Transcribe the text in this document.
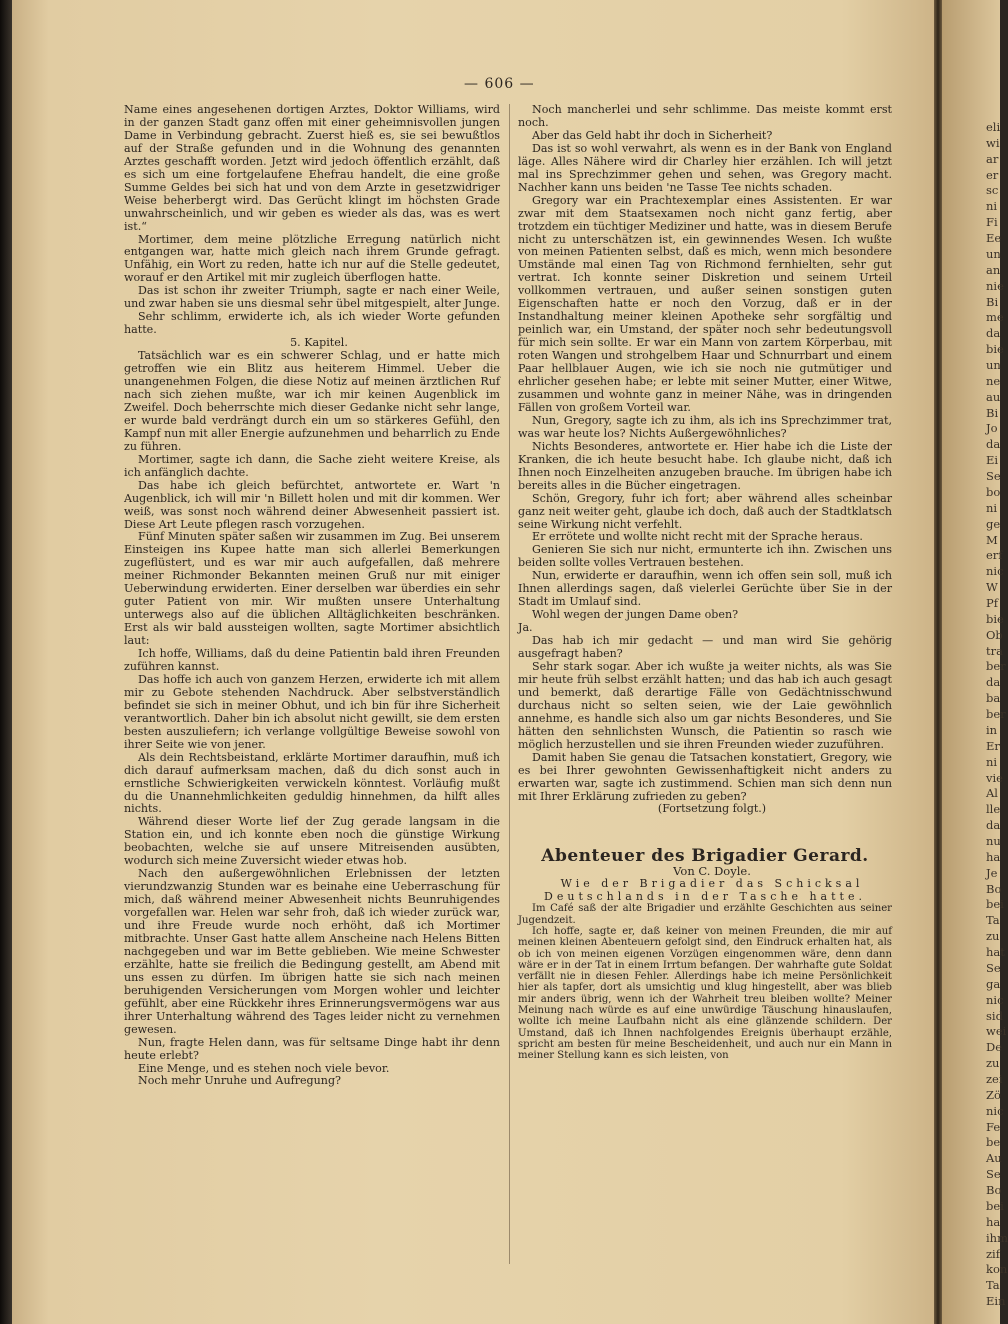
— 606 —

Name eines angesehenen dortigen Arztes, Doktor Williams, wird in der ganzen Stadt ganz offen mit einer geheimnisvollen jungen Dame in Verbindung gebracht. Zuerst hieß es, sie sei bewußtlos auf der Straße gefunden und in die Wohnung des genannten Arztes geschafft worden. Jetzt wird jedoch öffentlich erzählt, daß es sich um eine fortgelaufene Ehefrau handelt, die eine große Summe Geldes bei sich hat und von dem Arzte in gesetzwidriger Weise beherbergt wird. Das Gerücht klingt im höchsten Grade unwahrscheinlich, und wir geben es wieder als das, was es wert ist.“

Mortimer, dem meine plötzliche Erregung natürlich nicht entgangen war, hatte mich gleich nach ihrem Grunde gefragt. Unfähig, ein Wort zu reden, hatte ich nur auf die Stelle gedeutet, worauf er den Artikel mit mir zugleich überflogen hatte.

Das ist schon ihr zweiter Triumph, sagte er nach einer Weile, und zwar haben sie uns diesmal sehr übel mitgespielt, alter Junge.

Sehr schlimm, erwiderte ich, als ich wieder Worte gefunden hatte.

5. Kapitel.

Tatsächlich war es ein schwerer Schlag, und er hatte mich getroffen wie ein Blitz aus heiterem Himmel. Ueber die unangenehmen Folgen, die diese Notiz auf meinen ärztlichen Ruf nach sich ziehen mußte, war ich mir keinen Augenblick im Zweifel. Doch beherrschte mich dieser Gedanke nicht sehr lange, er wurde bald verdrängt durch ein um so stärkeres Gefühl, den Kampf nun mit aller Energie aufzunehmen und beharrlich zu Ende zu führen.

Mortimer, sagte ich dann, die Sache zieht weitere Kreise, als ich anfänglich dachte.

Das habe ich gleich befürchtet, antwortete er. Wart 'n Augenblick, ich will mir 'n Billett holen und mit dir kommen. Wer weiß, was sonst noch während deiner Abwesenheit passiert ist. Diese Art Leute pflegen rasch vorzugehen.

Fünf Minuten später saßen wir zusammen im Zug. Bei unserem Einsteigen ins Kupee hatte man sich allerlei Bemerkungen zugeflüstert, und es war mir auch aufgefallen, daß mehrere meiner Richmonder Bekannten meinen Gruß nur mit einiger Ueberwindung erwiderten. Einer derselben war überdies ein sehr guter Patient von mir. Wir mußten unsere Unterhaltung unterwegs also auf die üblichen Alltäglichkeiten beschränken. Erst als wir bald aussteigen wollten, sagte Mortimer absichtlich laut:

Ich hoffe, Williams, daß du deine Patientin bald ihren Freunden zuführen kannst.

Das hoffe ich auch von ganzem Herzen, erwiderte ich mit allem mir zu Gebote stehenden Nachdruck. Aber selbstverständlich befindet sie sich in meiner Obhut, und ich bin für ihre Sicherheit verantwortlich. Daher bin ich absolut nicht gewillt, sie dem ersten besten auszuliefern; ich verlange vollgültige Beweise sowohl von ihrer Seite wie von jener.

Als dein Rechtsbeistand, erklärte Mortimer daraufhin, muß ich dich darauf aufmerksam machen, daß du dich sonst auch in ernstliche Schwierigkeiten verwickeln könntest. Vorläufig mußt du die Unannehmlichkeiten geduldig hinnehmen, da hilft alles nichts.

Während dieser Worte lief der Zug gerade langsam in die Station ein, und ich konnte eben noch die günstige Wirkung beobachten, welche sie auf unsere Mitreisenden ausübten, wodurch sich meine Zuversicht wieder etwas hob.

Nach den außergewöhnlichen Erlebnissen der letzten vierundzwanzig Stunden war es beinahe eine Ueberraschung für mich, daß während meiner Abwesenheit nichts Beunruhigendes vorgefallen war. Helen war sehr froh, daß ich wieder zurück war, und ihre Freude wurde noch erhöht, daß ich Mortimer mitbrachte. Unser Gast hatte allem Anscheine nach Helens Bitten nachgegeben und war im Bette geblieben. Wie meine Schwester erzählte, hatte sie freilich die Bedingung gestellt, am Abend mit uns essen zu dürfen. Im übrigen hatte sie sich nach meinen beruhigenden Versicherungen vom Morgen wohler und leichter gefühlt, aber eine Rückkehr ihres Erinnerungsvermögens war aus ihrer Unterhaltung während des Tages leider nicht zu vernehmen gewesen.

Nun, fragte Helen dann, was für seltsame Dinge habt ihr denn heute erlebt?

Eine Menge, und es stehen noch viele bevor.

Noch mehr Unruhe und Aufregung?

Noch mancherlei und sehr schlimme. Das meiste kommt erst noch.

Aber das Geld habt ihr doch in Sicherheit?

Das ist so wohl verwahrt, als wenn es in der Bank von England läge. Alles Nähere wird dir Charley hier erzählen. Ich will jetzt mal ins Sprechzimmer gehen und sehen, was Gregory macht. Nachher kann uns beiden 'ne Tasse Tee nichts schaden.

Gregory war ein Prachtexemplar eines Assistenten. Er war zwar mit dem Staatsexamen noch nicht ganz fertig, aber trotzdem ein tüchtiger Mediziner und hatte, was in diesem Berufe nicht zu unterschätzen ist, ein gewinnendes Wesen. Ich wußte von meinen Patienten selbst, daß es mich, wenn mich besondere Umstände mal einen Tag von Richmond fernhielten, sehr gut vertrat. Ich konnte seiner Diskretion und seinem Urteil vollkommen vertrauen, und außer seinen sonstigen guten Eigenschaften hatte er noch den Vorzug, daß er in der Instandhaltung meiner kleinen Apotheke sehr sorgfältig und peinlich war, ein Umstand, der später noch sehr bedeutungsvoll für mich sein sollte. Er war ein Mann von zartem Körperbau, mit roten Wangen und strohgelbem Haar und Schnurrbart und einem Paar hellblauer Augen, wie ich sie noch nie gutmütiger und ehrlicher gesehen habe; er lebte mit seiner Mutter, einer Witwe, zusammen und wohnte ganz in meiner Nähe, was in dringenden Fällen von großem Vorteil war.

Nun, Gregory, sagte ich zu ihm, als ich ins Sprechzimmer trat, was war heute los? Nichts Außergewöhnliches?

Nichts Besonderes, antwortete er. Hier habe ich die Liste der Kranken, die ich heute besucht habe. Ich glaube nicht, daß ich Ihnen noch Einzelheiten anzugeben brauche. Im übrigen habe ich bereits alles in die Bücher eingetragen.

Schön, Gregory, fuhr ich fort; aber während alles scheinbar ganz neit weiter geht, glaube ich doch, daß auch der Stadtklatsch seine Wirkung nicht verfehlt.

Er errötete und wollte nicht recht mit der Sprache heraus.

Genieren Sie sich nur nicht, ermunterte ich ihn. Zwischen uns beiden sollte volles Vertrauen bestehen.

Nun, erwiderte er daraufhin, wenn ich offen sein soll, muß ich Ihnen allerdings sagen, daß vielerlei Gerüchte über Sie in der Stadt im Umlauf sind.

Wohl wegen der jungen Dame oben?

Ja.

Das hab ich mir gedacht — und man wird Sie gehörig ausgefragt haben?

Sehr stark sogar. Aber ich wußte ja weiter nichts, als was Sie mir heute früh selbst erzählt hatten; und das hab ich auch gesagt und bemerkt, daß derartige Fälle von Gedächtnisschwund durchaus nicht so selten seien, wie der Laie gewöhnlich annehme, es handle sich also um gar nichts Besonderes, und Sie hätten den sehnlichsten Wunsch, die Patientin so rasch wie möglich herzustellen und sie ihren Freunden wieder zuzuführen.

Damit haben Sie genau die Tatsachen konstatiert, Gregory, wie es bei Ihrer gewohnten Gewissenhaftigkeit nicht anders zu erwarten war, sagte ich zustimmend. Schien man sich denn nun mit Ihrer Erklärung zufrieden zu geben?

(Fortsetzung folgt.)

Abenteuer des Brigadier Gerard.

Von C. Doyle.

Wie der Brigadier das Schicksal Deutschlands in der Tasche hatte.

Im Café saß der alte Brigadier und erzählte Geschichten aus seiner Jugendzeit.

Ich hoffe, sagte er, daß keiner von meinen Freunden, die mir auf meinen kleinen Abenteuern gefolgt sind, den Eindruck erhalten hat, als ob ich von meinen eigenen Vorzügen eingenommen wäre, denn dann wäre er in der Tat in einem Irrtum befangen. Der wahrhafte gute Soldat verfällt nie in diesen Fehler. Allerdings habe ich meine Persönlichkeit hier als tapfer, dort als umsichtig und klug hingestellt, aber was blieb mir anders übrig, wenn ich der Wahrheit treu bleiben wollte? Meiner Meinung nach würde es auf eine unwürdige Täuschung hinauslaufen, wollte ich meine Laufbahn nicht als eine glänzende schildern. Der Umstand, daß ich Ihnen nachfolgendes Ereignis überhaupt erzähle, spricht am besten für meine Bescheidenheit, und auch nur ein Mann in meiner Stellung kann es sich leisten, von

eli
wi
ar
er
sc
ni
Fi
Ee
un
an
nie
Bi
me
da
bie
un
ne
au
Bi
Jo
da
Ei
Se
bo
ni
ge
M
erf
nic
W
Pf
bie
Ob
tra
ber
da
ba
ber
in
Er
ni
vie
Al
lle
da
nu
ha
Je
Bo
bei
Ta
zu
hat
Se
ga
nic
sid
wei
De
zu
zei
Zö
nic
Fe
be
Au
Se
Bo
bei
ha
ihm
zif
kon
Ta
Ein
